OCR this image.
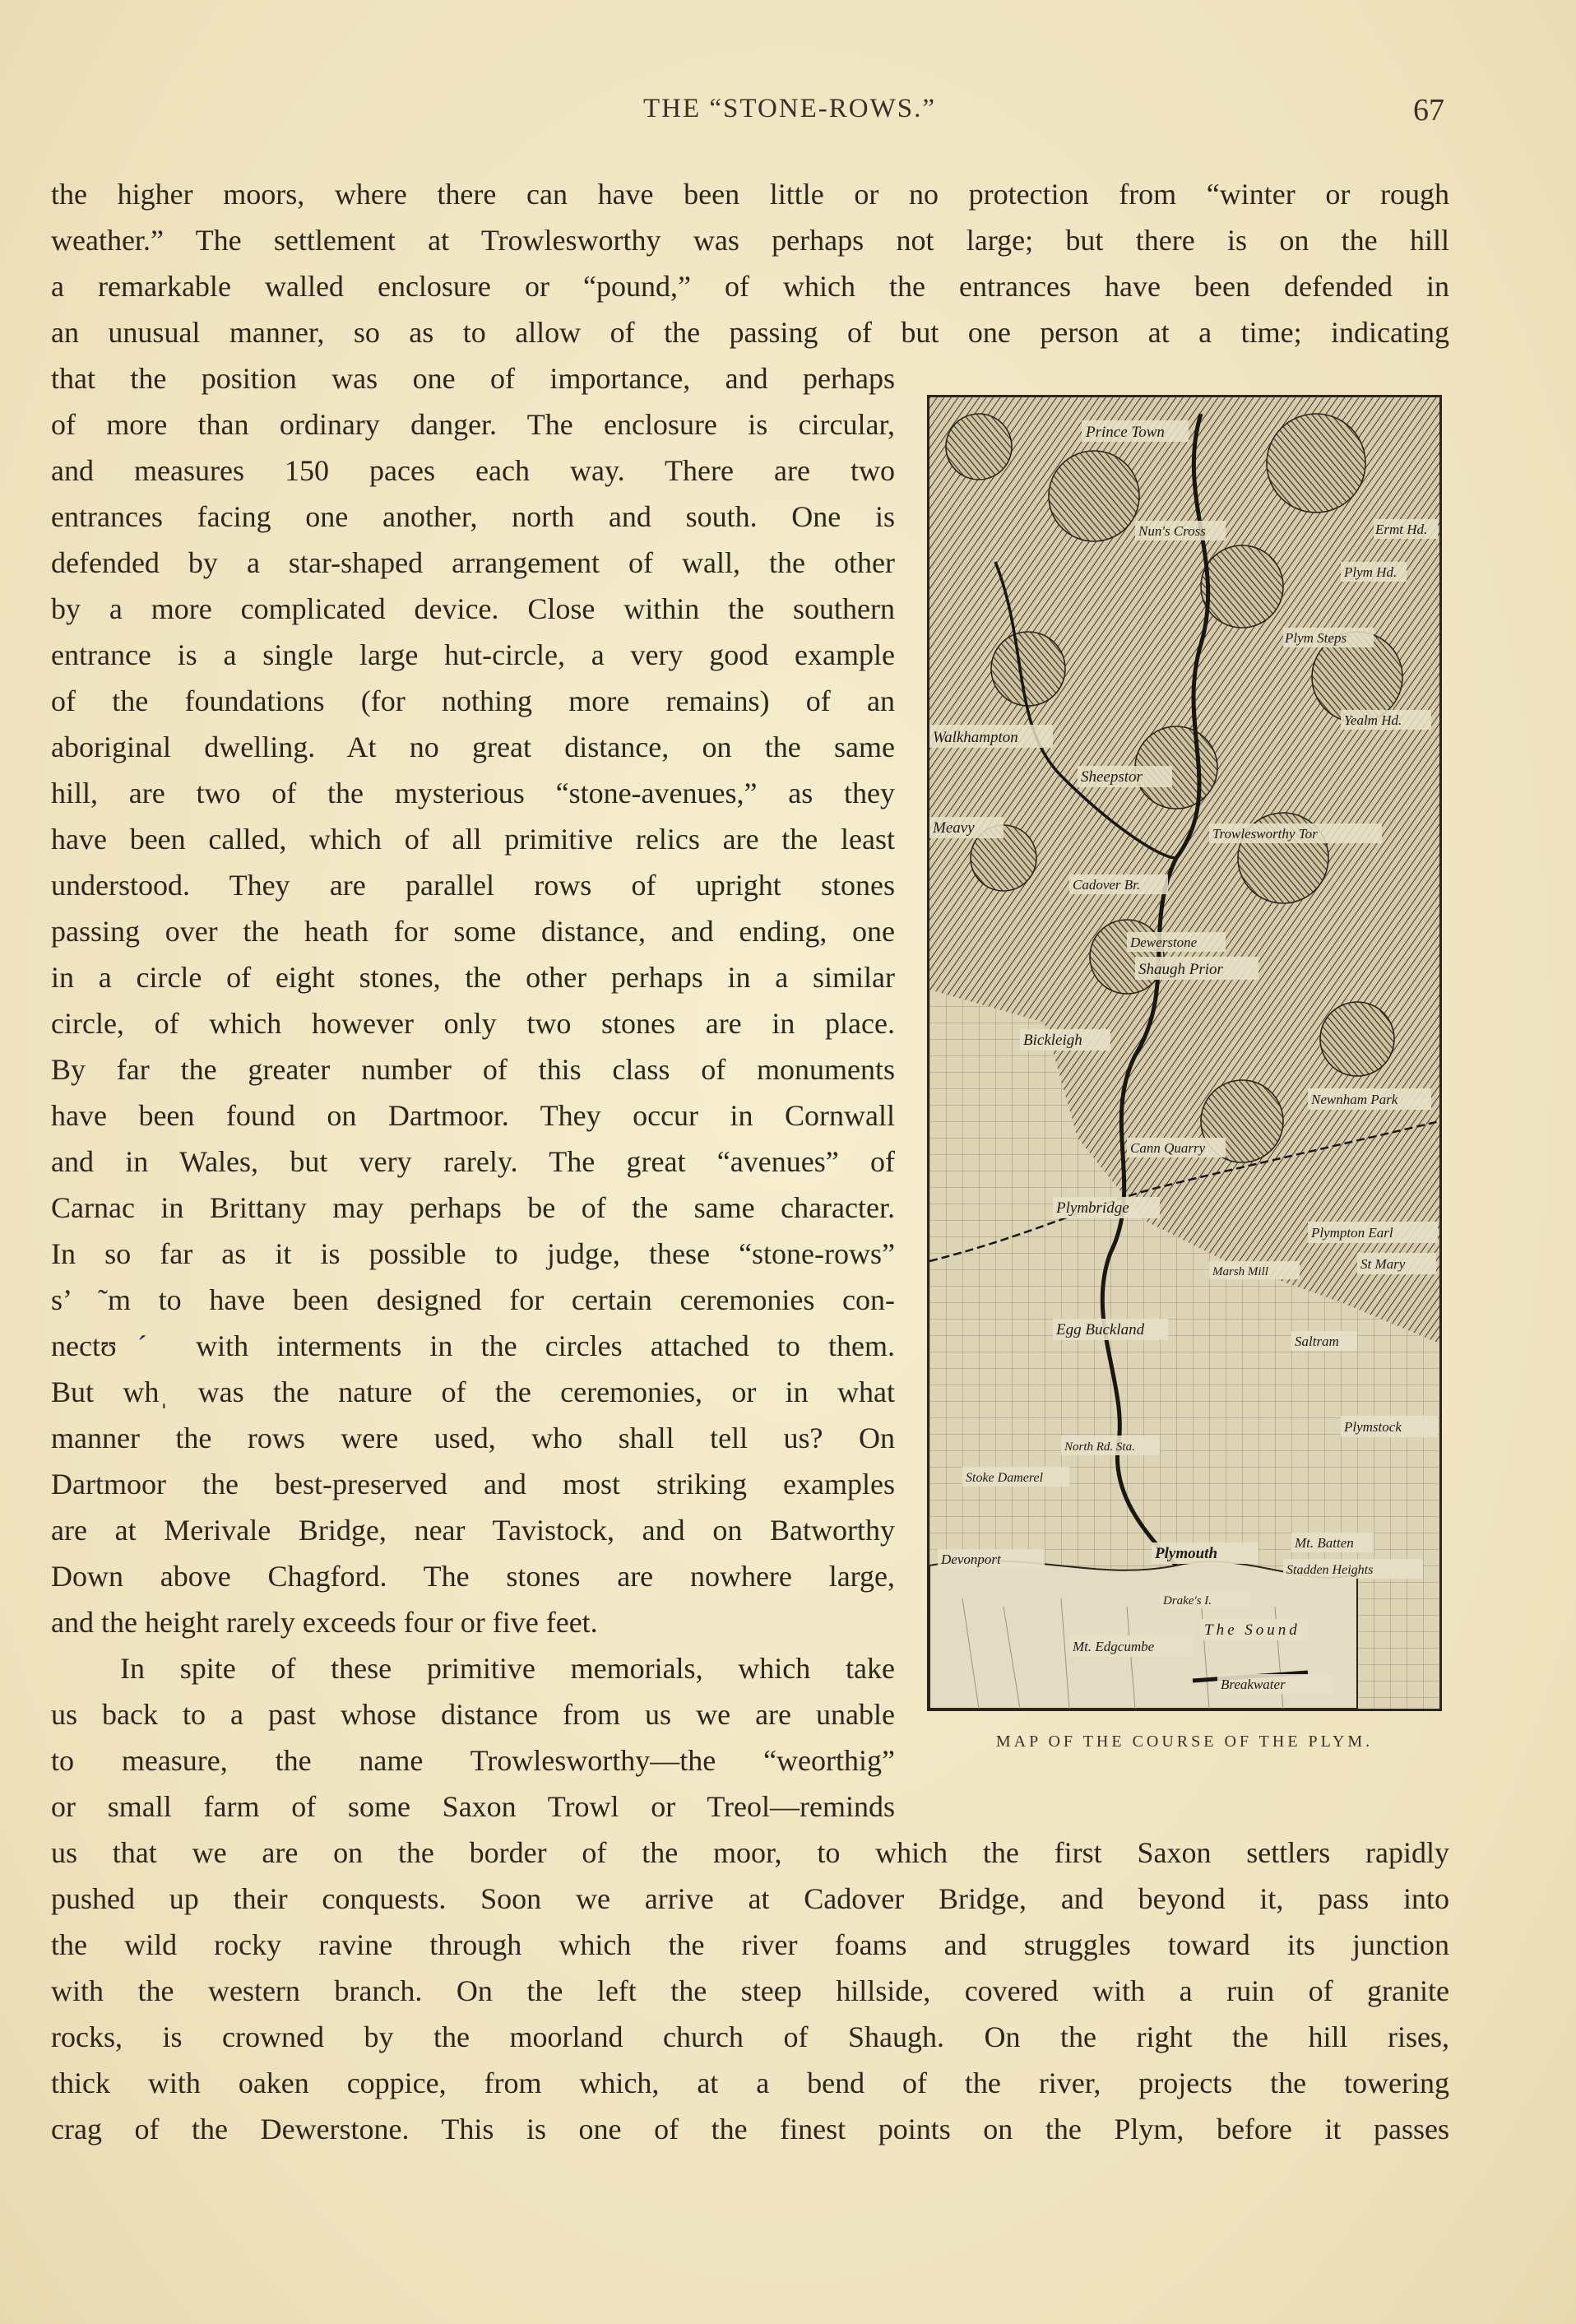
THE “STONE-ROWS.”	67
the higher moors, where there can have been little or no protection from “winter or rough
weather.” The settlement at Trowlesworthy was perhaps not large; but there is on the hill
a remarkable walled enclosure or “pound,” of which the entrances have been defended in
an unusual manner, so as to allow of the passing of but one person at a time; indicating
that the position was one of importance, and perhaps
of more than ordinary danger. The enclosure is circular,
and measures 150 paces each way. There are two
entrances facing one another, north and south. One is
defended by a star-shaped arrangement of wall, the other
by a more complicated device. Close within the southern
entrance is a single large hut-circle, a very good example
of the foundations (for nothing more remains) of an
aboriginal dwelling. At no great distance, on the same
hill, are two of the mysterious “stone-avenues,” as they
have been called, which of all primitive relics are the least
understood. They are parallel rows of upright stones
passing over the heath for some distance, and ending, one
in a circle of eight stones, the other perhaps in a similar
circle, of which however only two stones are in place.
By far the greater number of this class of monuments
have been found on Dartmoor. They occur in Cornwall
and in Wales, but very rarely. The great “avenues” of
Carnac in Brittany may perhaps be of the same character.
In so far as it is possible to judge, these “stone-rows”
s’ ˜m to have been designed for certain ceremonies con-
nectʊˊ with interments in the circles attached to them.
But whˌ was the nature of the ceremonies, or in what
manner the rows were used, who shall tell us? On
Dartmoor the best-preserved and most striking examples
are at Merivale Bridge, near Tavistock, and on Batworthy
Down above Chagford. The stones are nowhere large,
and the height rarely exceeds four or five feet.
In spite of these primitive memorials, which take
us back to a past whose distance from us we are unable
to measure, the name Trowlesworthy—the “weorthig”
or small farm of some Saxon Trowl or Treol—reminds
us that we are on the border of the moor, to which the first Saxon settlers rapidly
pushed up their conquests. Soon we arrive at Cadover Bridge, and beyond it, pass into
the wild rocky ravine through which the river foams and struggles toward its junction
with the western branch. On the left the steep hillside, covered with a ruin of granite
rocks, is crowned by the moorland church of Shaugh. On the right the hill rises,
thick with oaken coppice, from which, at a bend of the river, projects the towering
crag of the Dewerstone. This is one of the finest points on the Plym, before it passes
Prince Town
Ermt Hd.
Plym Hd.
Nun's Cross
Plym Steps
Walkhampton
Sheepstor
Yealm Hd.
Meavy	Trowlesworthy Tor
Cadover Br.
Dewerstone
Shaugh Prior
Bickleigh
Newnham Park
Cann Quarry
Plymbridge
Plympton Earl
St Mary
Marsh Mill
Egg Buckland
Saltram
Plymstock
Stoke Damerel
North Rd. Sta.
Mt. Batten
Stadden Heights
Devonport	Plymouth
Drake's I.
The Sound
Mt. Edgcumbe
Breakwater
MAP OF THE COURSE OF THE PLYM.
